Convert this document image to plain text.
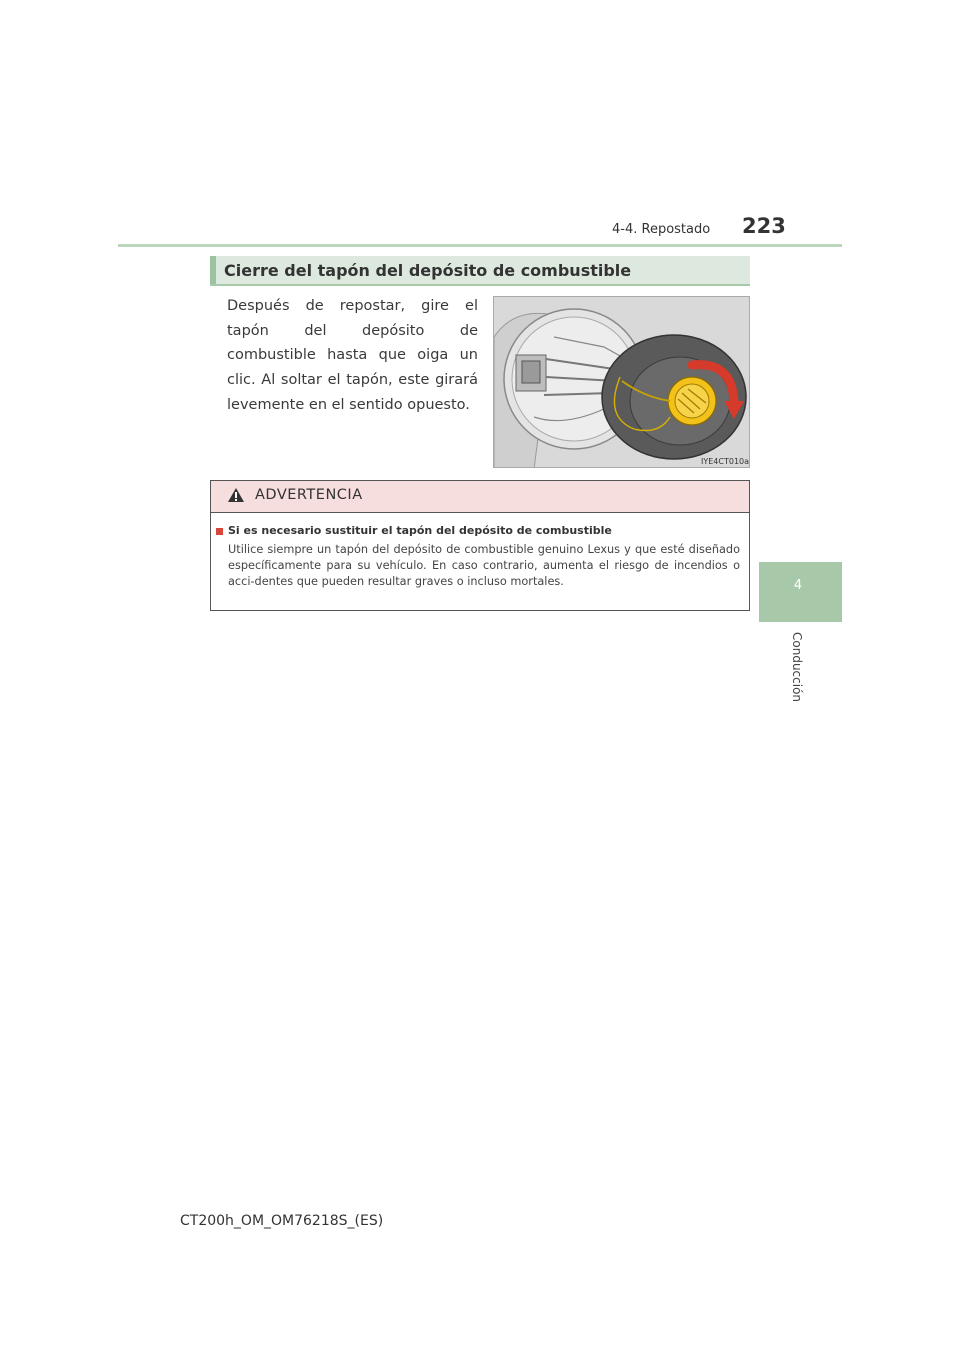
4-4. Repostado 223
4
Conducción
Cierre del tapón del depósito de combustible
Después de repostar, gire el tapón del depósito de combustible hasta que oiga un clic. Al soltar el tapón, este girará levemente en el sentido opuesto.
IYE4CT010a
ADVERTENCIA
Si es necesario sustituir el tapón del depósito de combustible
Utilice siempre un tapón del depósito de combustible genuino Lexus y que esté diseñado específicamente para su vehículo. En caso contrario, aumenta el riesgo de incendios o acci-dentes que pueden resultar graves o incluso mortales.
CT200h_OM_OM76218S_(ES)
